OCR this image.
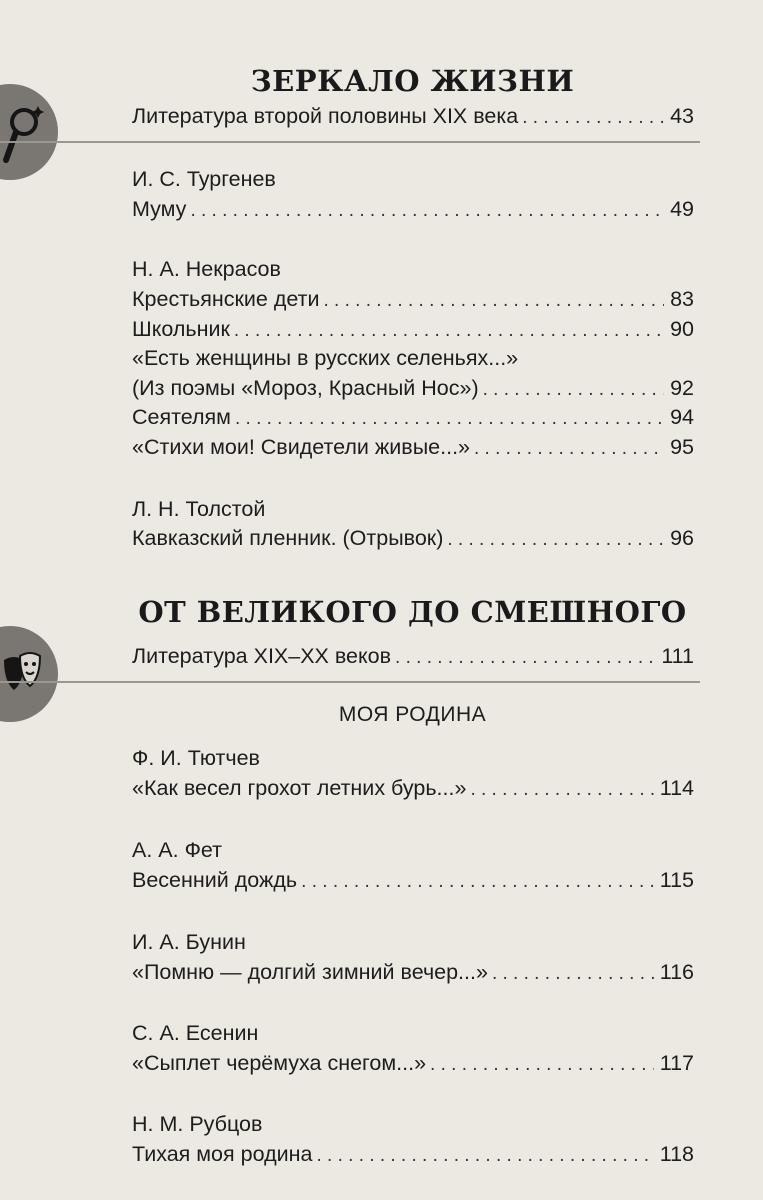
ЗЕРКАЛО ЖИЗНИ
Литература второй половины XIX века . . .	43
И. С. Тургенев
Муму . . .	49
Н. А. Некрасов
Крестьянские дети . . .	83
Школьник . . .	90
«Есть женщины в русских селеньях...»
(Из поэмы «Мороз, Красный Нос») . . .	92
Сеятелям . . .	94
«Стихи мои! Свидетели живые...» . . .	95
Л. Н. Толстой
Кавказский пленник. (Отрывок) . . .	96
ОТ ВЕЛИКОГО ДО СМЕШНОГО
Литература XIX–XX веков . . .	111
МОЯ РОДИНА
Ф. И. Тютчев
«Как весел грохот летних бурь...» . . .	114
А. А. Фет
Весенний дождь . . .	115
И. А. Бунин
«Помню — долгий зимний вечер...» . . .	116
С. А. Есенин
«Сыплет черёмуха снегом...» . . .	117
Н. М. Рубцов
Тихая моя родина . . .	118
